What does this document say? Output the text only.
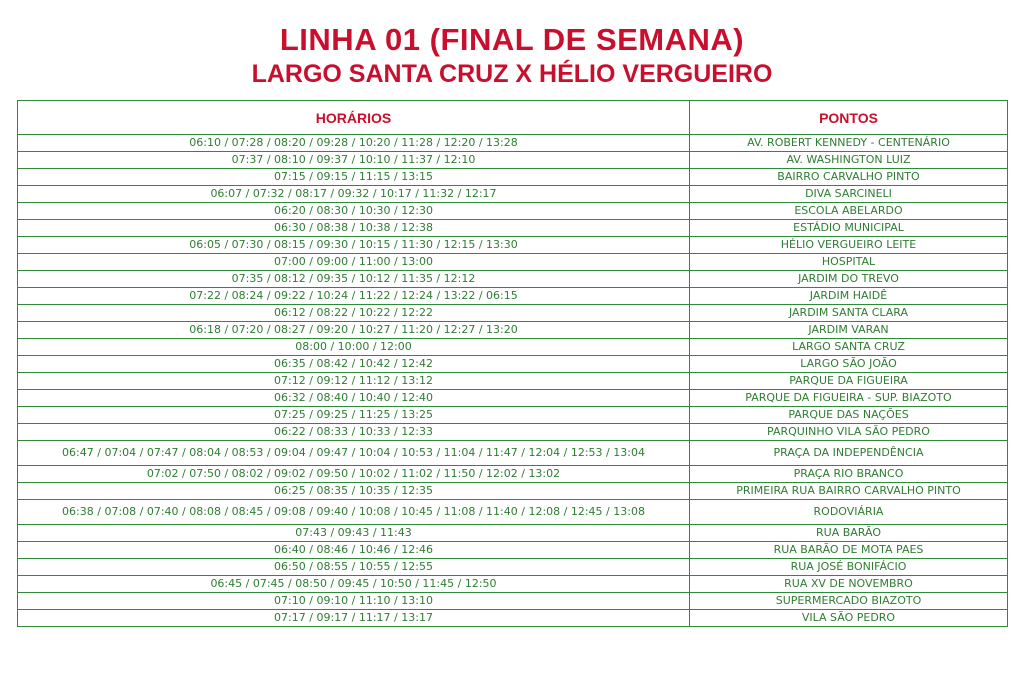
LINHA 01 (FINAL DE SEMANA)
LARGO SANTA CRUZ X HÉLIO VERGUEIRO
HORÁRIOS	PONTOS
06:10 / 07:28 / 08:20 / 09:28 / 10:20 / 11:28 / 12:20 / 13:28	AV. ROBERT KENNEDY - CENTENÁRIO
07:37 / 08:10 / 09:37 / 10:10 / 11:37 / 12:10	AV. WASHINGTON LUIZ
07:15 / 09:15 / 11:15 / 13:15	BAIRRO CARVALHO PINTO
06:07 / 07:32 / 08:17 / 09:32 / 10:17 / 11:32 / 12:17	DIVA SARCINELI
06:20 / 08:30 / 10:30 / 12:30	ESCOLA ABELARDO
06:30 / 08:38 / 10:38 / 12:38	ESTÁDIO MUNICIPAL
06:05 / 07:30 / 08:15 / 09:30 / 10:15 / 11:30 / 12:15 / 13:30	HÉLIO VERGUEIRO LEITE
07:00 / 09:00 / 11:00 / 13:00	HOSPITAL
07:35 / 08:12 / 09:35 / 10:12 / 11:35 / 12:12	JARDIM DO TREVO
07:22 / 08:24 / 09:22 / 10:24 / 11:22 / 12:24 / 13:22 / 06:15	JARDIM HAIDÊ
06:12 / 08:22 / 10:22 / 12:22	JARDIM SANTA CLARA
06:18 / 07:20 / 08:27 / 09:20 / 10:27 / 11:20 / 12:27 / 13:20	JARDIM VARAN
08:00 / 10:00 / 12:00	LARGO SANTA CRUZ
06:35 / 08:42 / 10:42 / 12:42	LARGO SÃO JOÃO
07:12 / 09:12 / 11:12 / 13:12	PARQUE DA FIGUEIRA
06:32 / 08:40 / 10:40 / 12:40	PARQUE DA FIGUEIRA - SUP. BIAZOTO
07:25 / 09:25 / 11:25 / 13:25	PARQUE DAS NAÇÕES
06:22 / 08:33 / 10:33 / 12:33	PARQUINHO VILA SÃO PEDRO
06:47 / 07:04 / 07:47 / 08:04 / 08:53 / 09:04 / 09:47 / 10:04 / 10:53 / 11:04 / 11:47 / 12:04 / 12:53 / 13:04	PRAÇA DA INDEPENDÊNCIA
07:02 / 07:50 / 08:02 / 09:02 / 09:50 / 10:02 / 11:02 / 11:50 / 12:02 / 13:02	PRAÇA RIO BRANCO
06:25 / 08:35 / 10:35 / 12:35	PRIMEIRA RUA BAIRRO CARVALHO PINTO
06:38 / 07:08 / 07:40 / 08:08 / 08:45 / 09:08 / 09:40 / 10:08 / 10:45 / 11:08 / 11:40 / 12:08 / 12:45 / 13:08	RODOVIÁRIA
07:43 / 09:43 / 11:43	RUA BARÃO
06:40 / 08:46 / 10:46 / 12:46	RUA BARÃO DE MOTA PAES
06:50 / 08:55 / 10:55 / 12:55	RUA JOSÉ BONIFÁCIO
06:45 / 07:45 / 08:50 / 09:45 / 10:50 / 11:45 / 12:50	RUA XV DE NOVEMBRO
07:10 / 09:10 / 11:10 / 13:10	SUPERMERCADO BIAZOTO
07:17 / 09:17 / 11:17 / 13:17	VILA SÃO PEDRO
